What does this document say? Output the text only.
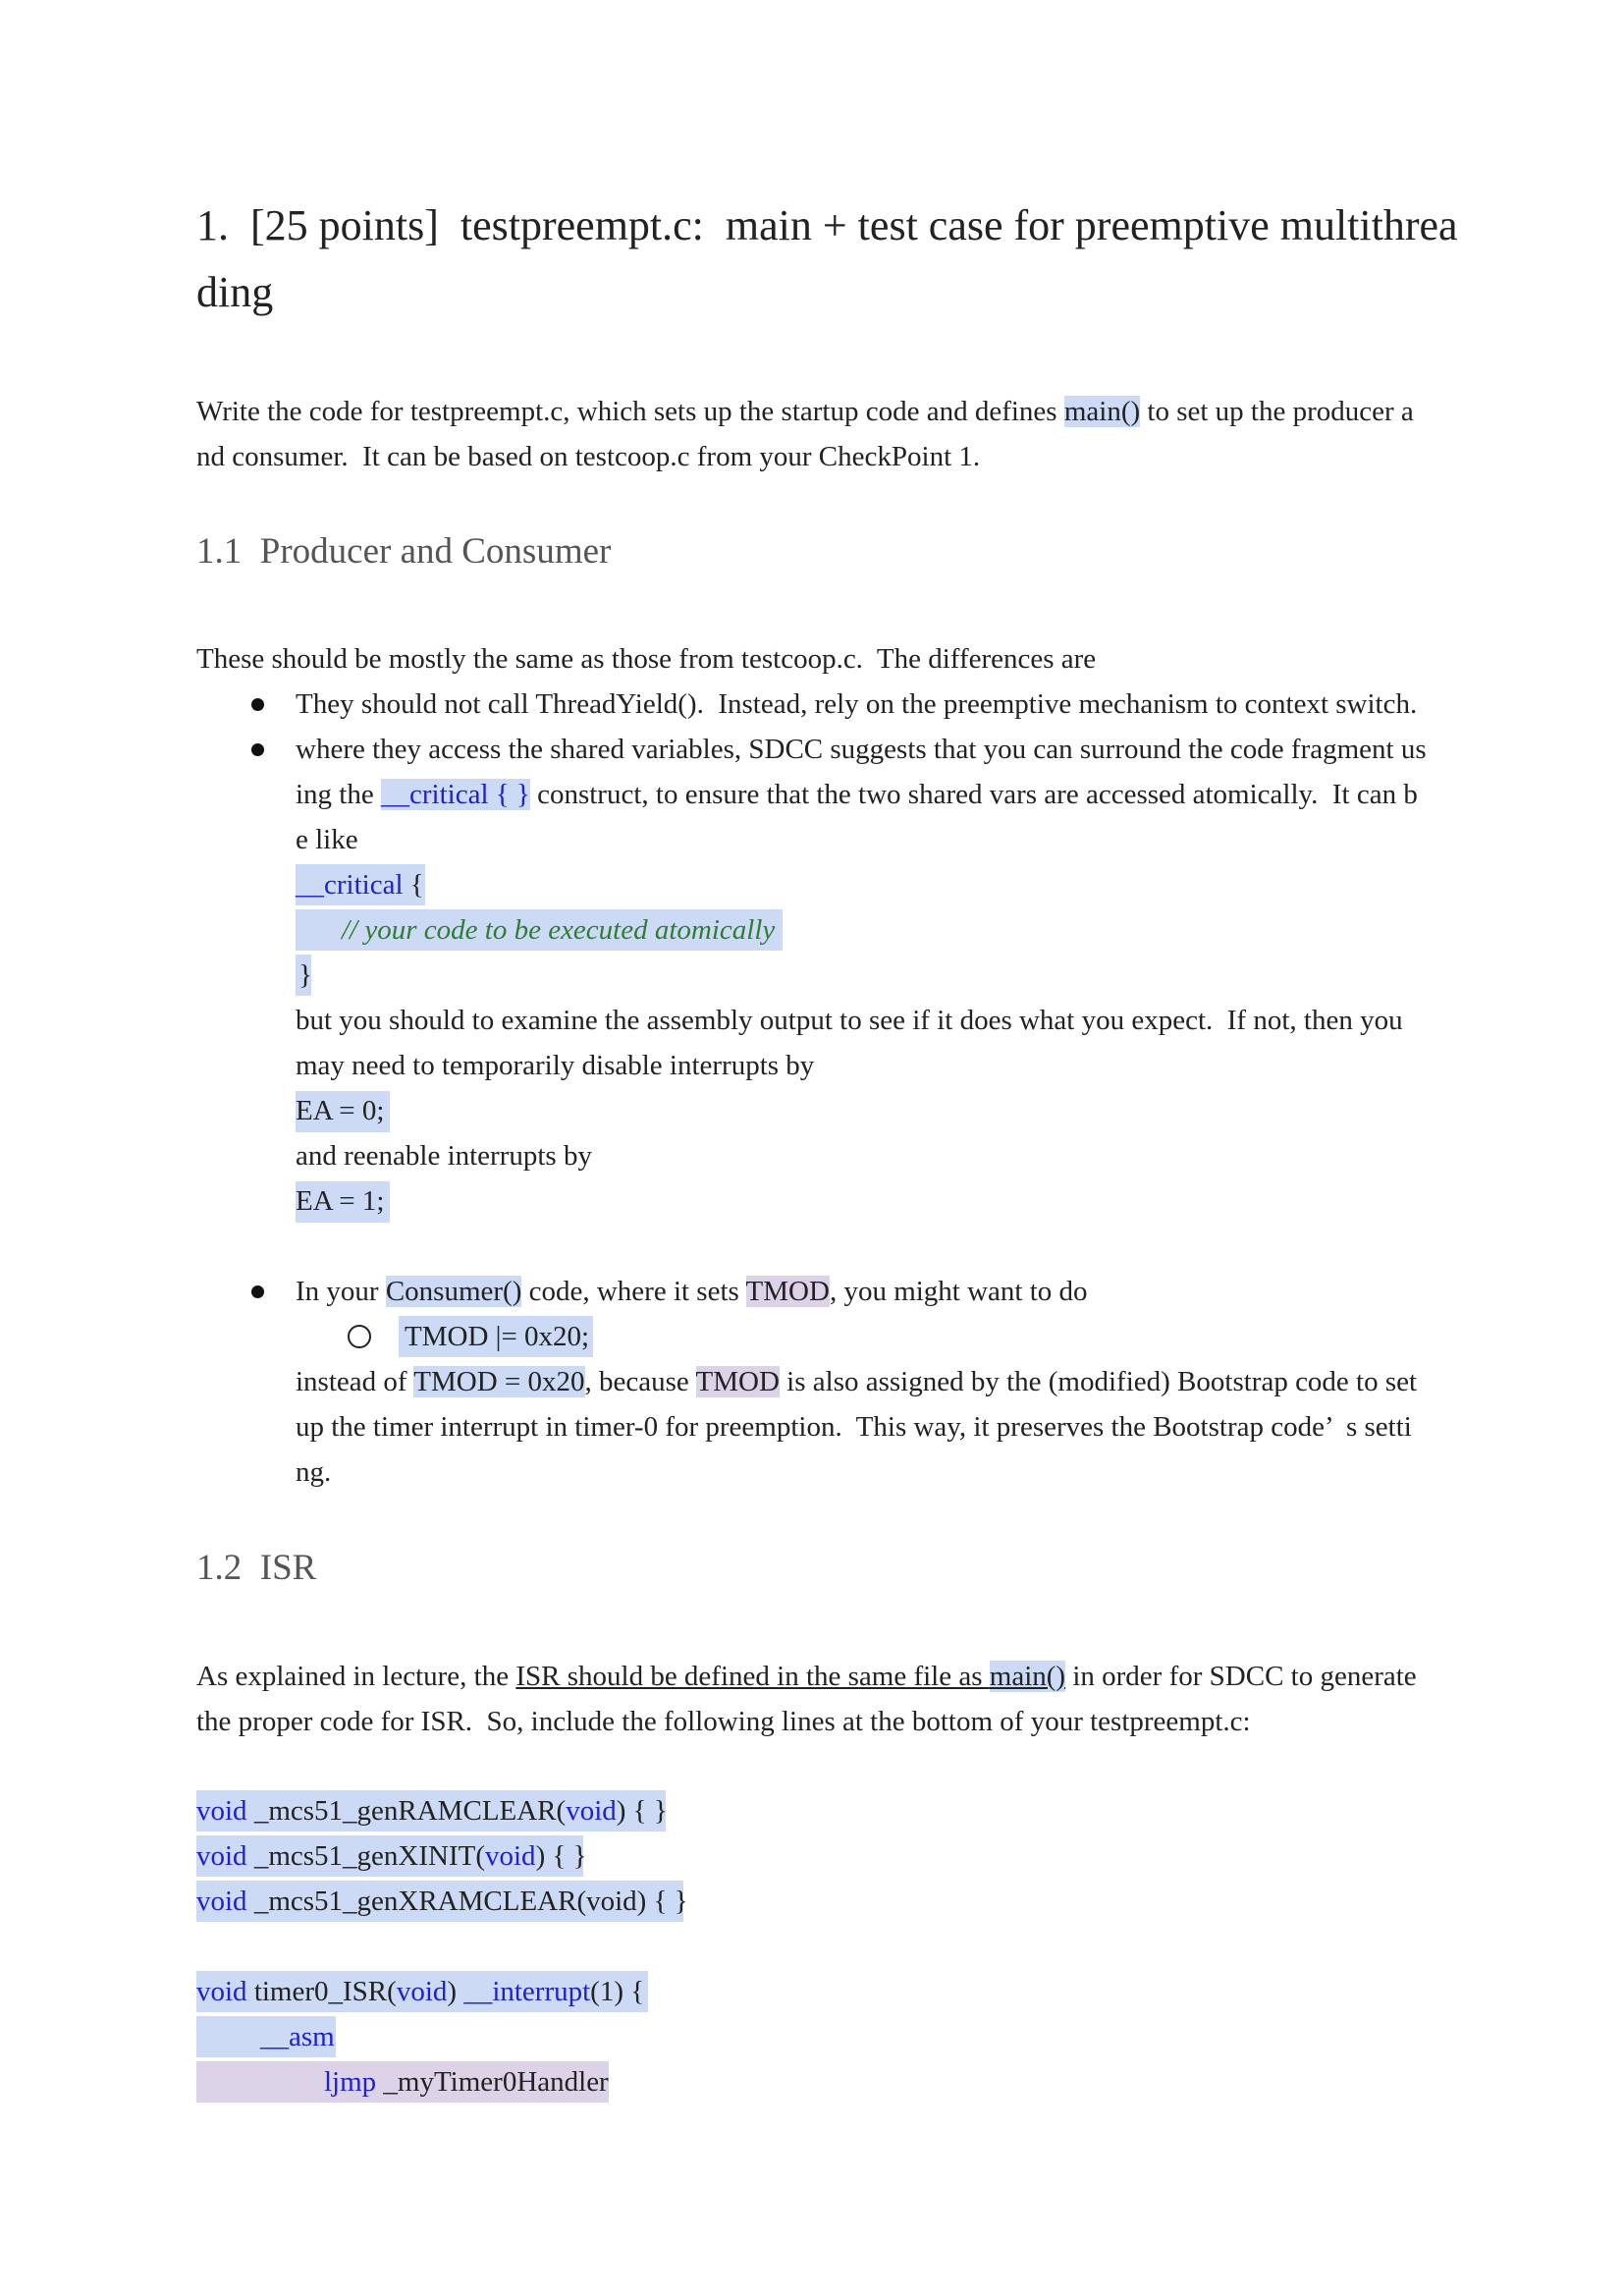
1.  [25 points]  testpreempt.c:  main + test case for preemptive multithrea
ding
Write the code for testpreempt.c, which sets up the startup code and defines main() to set up the producer a
nd consumer.  It can be based on testcoop.c from your CheckPoint 1.
1.1  Producer and Consumer
These should be mostly the same as those from testcoop.c.  The differences are
They should not call ThreadYield().  Instead, rely on the preemptive mechanism to context switch.
where they access the shared variables, SDCC suggests that you can surround the code fragment us
ing the __critical { } construct, to ensure that the two shared vars are accessed atomically.  It can b
e like
__critical {
// your code to be executed atomically
}
but you should to examine the assembly output to see if it does what you expect.  If not, then you
may need to temporarily disable interrupts by
EA = 0;
and reenable interrupts by
EA = 1;
In your Consumer() code, where it sets TMOD, you might want to do
TMOD |= 0x20;
instead of TMOD = 0x20, because TMOD is also assigned by the (modified) Bootstrap code to set
up the timer interrupt in timer-0 for preemption.  This way, it preserves the Bootstrap code’  s setti
ng.
1.2  ISR
As explained in lecture, the ISR should be defined in the same file as main() in order for SDCC to generate
the proper code for ISR.  So, include the following lines at the bottom of your testpreempt.c:
void _mcs51_genRAMCLEAR(void) { }
void _mcs51_genXINIT(void) { }
void _mcs51_genXRAMCLEAR(void) { }
void timer0_ISR(void) __interrupt(1) {
__asm
ljmp _myTimer0Handler
